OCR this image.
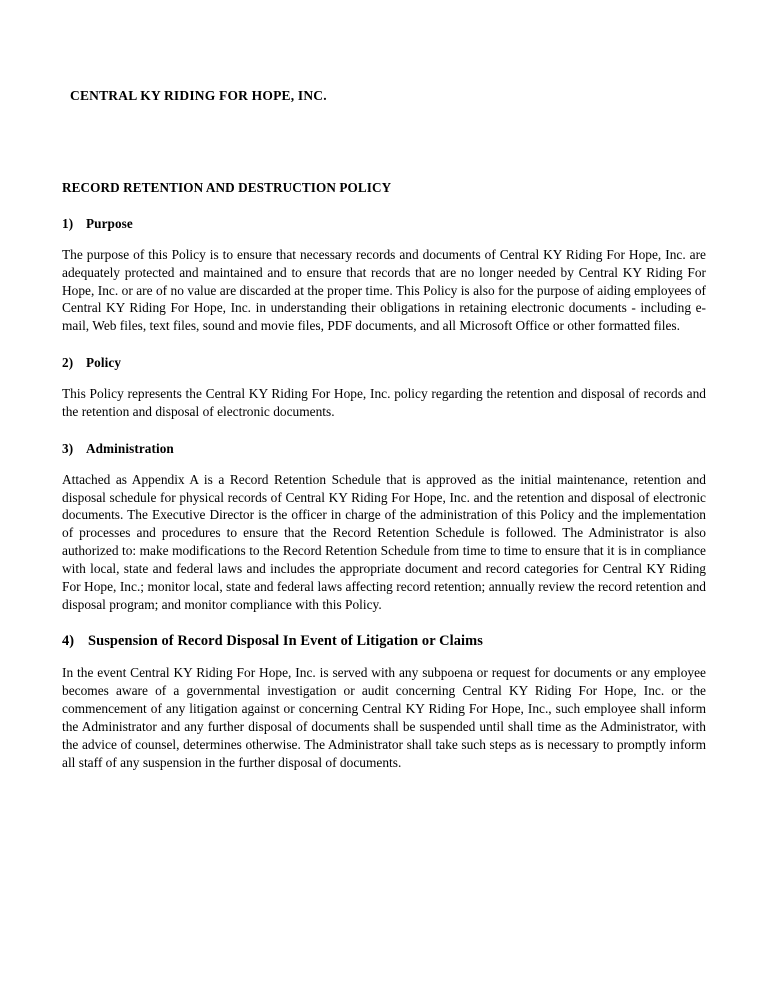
CENTRAL KY RIDING FOR HOPE, INC.
RECORD RETENTION AND DESTRUCTION POLICY
1) Purpose

The purpose of this Policy is to ensure that necessary records and documents of Central KY Riding For Hope, Inc. are adequately protected and maintained and to ensure that records that are no longer needed by Central KY Riding For Hope, Inc. or are of no value are discarded at the proper time. This Policy is also for the purpose of aiding employees of Central KY Riding For Hope, Inc. in understanding their obligations in retaining electronic documents - including e-mail, Web files, text files, sound and movie files, PDF documents, and all Microsoft Office or other formatted files.

2) Policy

This Policy represents the Central KY Riding For Hope, Inc. policy regarding the retention and disposal of records and the retention and disposal of electronic documents.

3) Administration

Attached as Appendix A is a Record Retention Schedule that is approved as the initial maintenance, retention and disposal schedule for physical records of Central KY Riding For Hope, Inc. and the retention and disposal of electronic documents. The Executive Director is the officer in charge of the administration of this Policy and the implementation of processes and procedures to ensure that the Record Retention Schedule is followed. The Administrator is also authorized to: make modifications to the Record Retention Schedule from time to time to ensure that it is in compliance with local, state and federal laws and includes the appropriate document and record categories for Central KY Riding For Hope, Inc.; monitor local, state and federal laws affecting record retention; annually review the record retention and disposal program; and monitor compliance with this Policy.

4) Suspension of Record Disposal In Event of Litigation or Claims

In the event Central KY Riding For Hope, Inc. is served with any subpoena or request for documents or any employee becomes aware of a governmental investigation or audit concerning Central KY Riding For Hope, Inc. or the commencement of any litigation against or concerning Central KY Riding For Hope, Inc., such employee shall inform the Administrator and any further disposal of documents shall be suspended until shall time as the Administrator, with the advice of counsel, determines otherwise. The Administrator shall take such steps as is necessary to promptly inform all staff of any suspension in the further disposal of documents.
